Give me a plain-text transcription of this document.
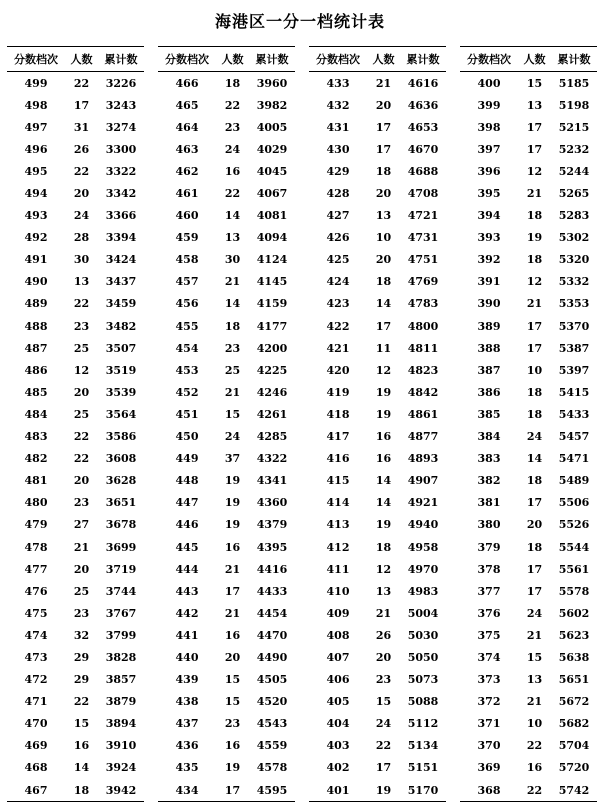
海港区一分一档统计表
分数档次	人数	累计数
499	22	3226
498	17	3243
497	31	3274
496	26	3300
495	22	3322
494	20	3342
493	24	3366
492	28	3394
491	30	3424
490	13	3437
489	22	3459
488	23	3482
487	25	3507
486	12	3519
485	20	3539
484	25	3564
483	22	3586
482	22	3608
481	20	3628
480	23	3651
479	27	3678
478	21	3699
477	20	3719
476	25	3744
475	23	3767
474	32	3799
473	29	3828
472	29	3857
471	22	3879
470	15	3894
469	16	3910
468	14	3924
467	18	3942
分数档次	人数	累计数
466	18	3960
465	22	3982
464	23	4005
463	24	4029
462	16	4045
461	22	4067
460	14	4081
459	13	4094
458	30	4124
457	21	4145
456	14	4159
455	18	4177
454	23	4200
453	25	4225
452	21	4246
451	15	4261
450	24	4285
449	37	4322
448	19	4341
447	19	4360
446	19	4379
445	16	4395
444	21	4416
443	17	4433
442	21	4454
441	16	4470
440	20	4490
439	15	4505
438	15	4520
437	23	4543
436	16	4559
435	19	4578
434	17	4595
分数档次	人数	累计数
433	21	4616
432	20	4636
431	17	4653
430	17	4670
429	18	4688
428	20	4708
427	13	4721
426	10	4731
425	20	4751
424	18	4769
423	14	4783
422	17	4800
421	11	4811
420	12	4823
419	19	4842
418	19	4861
417	16	4877
416	16	4893
415	14	4907
414	14	4921
413	19	4940
412	18	4958
411	12	4970
410	13	4983
409	21	5004
408	26	5030
407	20	5050
406	23	5073
405	15	5088
404	24	5112
403	22	5134
402	17	5151
401	19	5170
分数档次	人数	累计数
400	15	5185
399	13	5198
398	17	5215
397	17	5232
396	12	5244
395	21	5265
394	18	5283
393	19	5302
392	18	5320
391	12	5332
390	21	5353
389	17	5370
388	17	5387
387	10	5397
386	18	5415
385	18	5433
384	24	5457
383	14	5471
382	18	5489
381	17	5506
380	20	5526
379	18	5544
378	17	5561
377	17	5578
376	24	5602
375	21	5623
374	15	5638
373	13	5651
372	21	5672
371	10	5682
370	22	5704
369	16	5720
368	22	5742
